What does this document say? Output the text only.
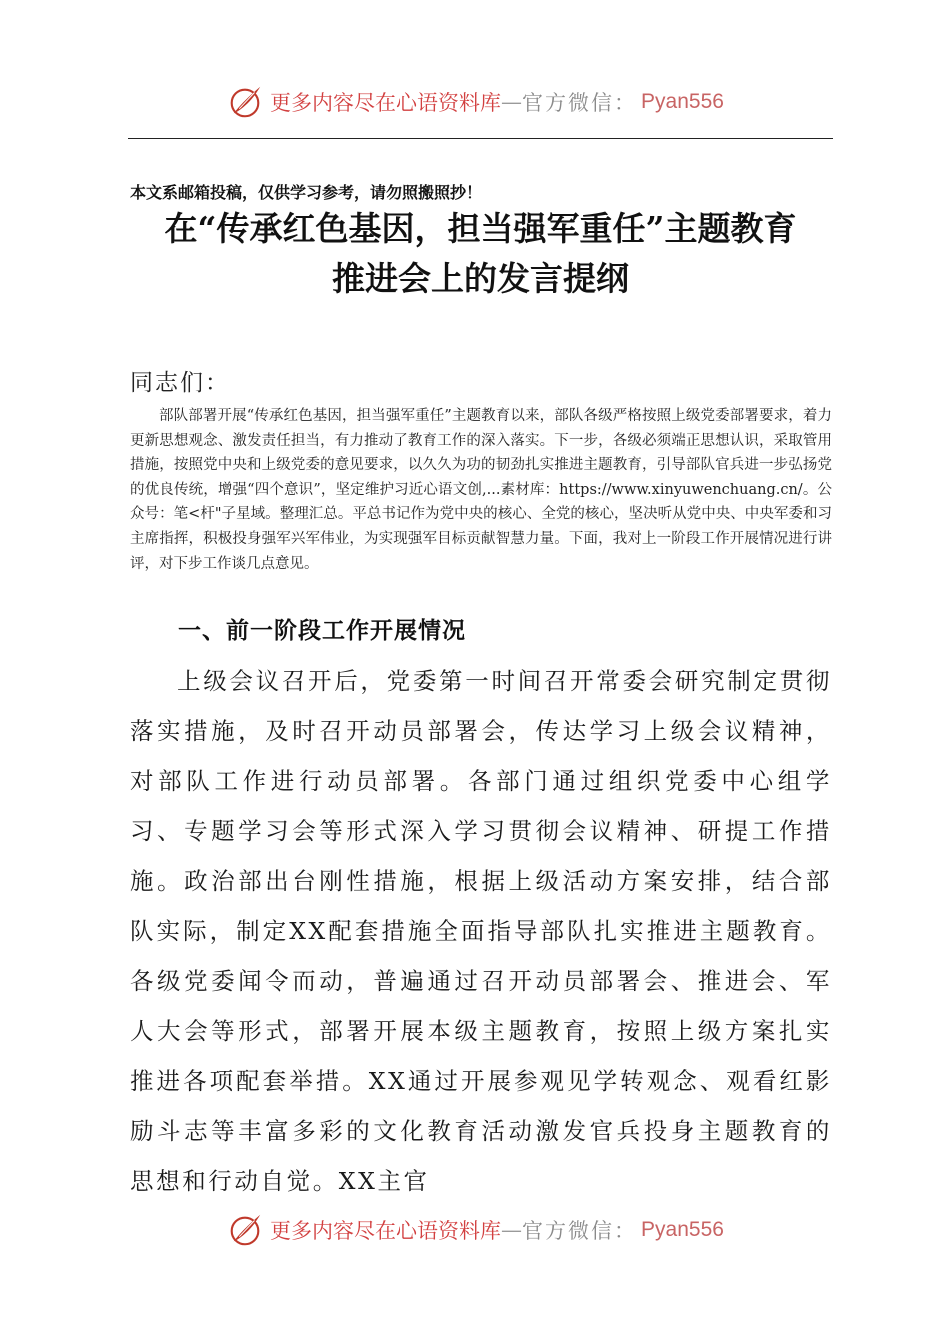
更多内容尽在心语资料库 — 官方微信： Pyan556
本文系邮箱投稿，仅供学习参考，请勿照搬照抄！
在“传承红色基因，担当强军重任”主题教育
推进会上的发言提纲
同志们：

部队部署开展“传承红色基因，担当强军重任”主题教育以来，部队各级严格按照上级党委部署要求，着力更新思想观念、激发责任担当，有力推动了教育工作的深入落实。下一步，各级必须端正思想认识，采取管用措施，按照党中央和上级党委的意见要求，以久久为功的韧劲扎实推进主题教育，引导部队官兵进一步弘扬党的优良传统，增强“四个意识”，坚定维护习近心语文创,...素材库：https://www.xinyuwenchuang.cn/。公众号：笔<杆"子星域。整理汇总。平总书记作为党中央的核心、全党的核心，坚决听从党中央、中央军委和习主席指挥，积极投身强军兴军伟业，为实现强军目标贡献智慧力量。下面，我对上一阶段工作开展情况进行讲评，对下步工作谈几点意见。

一、前一阶段工作开展情况

上级会议召开后，党委第一时间召开常委会研究制定贯彻落实措施，及时召开动员部署会，传达学习上级会议精神，对部队工作进行动员部署。各部门通过组织党委中心组学习、专题学习会等形式深入学习贯彻会议精神、研提工作措施。政治部出台刚性措施，根据上级活动方案安排，结合部队实际，制定XX配套措施全面指导部队扎实推进主题教育。各级党委闻令而动，普遍通过召开动员部署会、推进会、军人大会等形式，部署开展本级主题教育，按照上级方案扎实推进各项配套举措。XX通过开展参观见学转观念、观看红影励斗志等丰富多彩的文化教育活动激发官兵投身主题教育的思想和行动自觉。XX主官

更多内容尽在心语资料库 — 官方微信： Pyan556
